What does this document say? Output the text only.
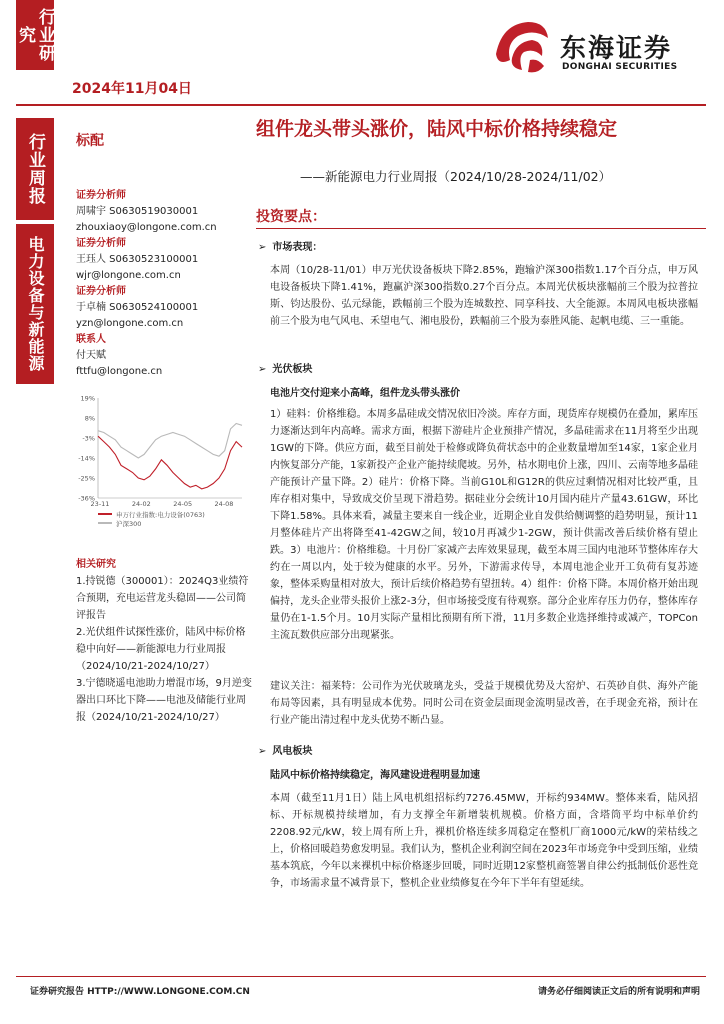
行业研究
2024年11月04日
东海证券
DONGHAI SECURITIES
行业周报
电力设备与新能源
标配
证券分析师
周啸宇 S0630519030001
zhouxiaoy@longone.com.cn
证券分析师
王珏人 S0630523100001
wjr@longone.com.cn
证券分析师
于卓楠 S0630524100001
yzn@longone.com.cn
联系人
付天赋
fttfu@longone.cn
19%
8%
-3%
-14%
-25%
-36%
23-11	24-02	24-05	24-08
申万行业指数:电力设备(0763)
沪深300
相关研究
1.持锐德（300001）：2024Q3业绩符合预期，充电运营龙头稳固——公司简评报告
2.光伏组件试探性涨价，陆风中标价格稳中向好——新能源电力行业周报（2024/10/21-2024/10/27）
3.宁德晓遥电池助力增混市场，9月逆变器出口环比下降——电池及储能行业周报（2024/10/21-2024/10/27）
组件龙头带头涨价，陆风中标价格持续稳定
——新能源电力行业周报（2024/10/28-2024/11/02）
投资要点：
➢ 市场表现：
本周（10/28-11/01）申万光伏设备板块下降2.85%，跑输沪深300指数1.17个百分点，申万风电设备板块下降1.41%，跑赢沪深300指数0.27个百分点。本周光伏板块涨幅前三个股为拉普拉斯、钧达股份、弘元绿能，跌幅前三个股为连城数控、同享科技、大全能源。本周风电板块涨幅前三个股为电气风电、禾望电气、湘电股份，跌幅前三个股为泰胜风能、起帆电缆、三一重能。
➢ 光伏板块
电池片交付迎来小高峰，组件龙头带头涨价
1）硅料：价格维稳。本周多晶硅成交情况依旧冷淡。库存方面，现货库存规模仍在叠加，累库压力逐渐达到年内高峰。需求方面，根据下游硅片企业预排产情况，多晶硅需求在11月将至少出现1GW的下降。供应方面，截至目前处于检修或降负荷状态中的企业数量增加至14家，1家企业月内恢复部分产能，1家新投产企业产能持续爬坡。另外，枯水期电价上涨，四川、云南等地多晶硅产能预计产量下降。2）硅片：价格下降。当前G10L和G12R的供应过剩情况相对比较严重，且库存相对集中，导致成交价呈现下滑趋势。据硅业分会统计10月国内硅片产量43.61GW，环比下降1.58%。具体来看，减量主要来自一线企业，近期企业自发供给侧调整的趋势明显，预计11月整体硅片产出将降至41-42GW之间，较10月再减少1-2GW，预计供需改善后续价格有望止跌。3）电池片：价格维稳。十月份厂家减产去库效果显现，截至本周三国内电池环节整体库存大约在一周以内，处于较为健康的水平。另外，下游需求传导，本周电池企业开工负荷有复苏迹象，整体采购量相对放大，预计后续价格趋势有望扭转。4）组件：价格下降。本周价格开始出现偏持，龙头企业带头报价上涨2-3分，但市场接受度有待观察。部分企业库存压力仍存，整体库存量仍在1-1.5个月。10月实际产量相比预期有所下滑，11月多数企业选择维持或减产，TOPCon主流瓦数供应部分出现紧张。
建议关注：福莱特：公司作为光伏玻璃龙头，受益于规模优势及大窑炉、石英砂自供、海外产能布局等因素，具有明显成本优势。同时公司在资金层面现金流明显改善，在手现金充裕，预计在行业产能出清过程中龙头优势不断凸显。
➢ 风电板块
陆风中标价格持续稳定，海风建设进程明显加速
本周（截至11月1日）陆上风电机组招标约7276.45MW，开标约934MW。整体来看，陆风招标、开标规模持续增加，有力支撑全年新增装机规模。价格方面，含塔筒平均中标单价约2208.92元/kW，较上周有所上升，裸机价格连续多周稳定在整机厂商1000元/kW的荣枯线之上，价格回暖趋势愈发明显。我们认为，整机企业利润空间在2023年市场竞争中受到压缩，业绩基本筑底，今年以来裸机中标价格逐步回暖，同时近期12家整机商签署自律公约抵制低价恶性竞争，市场需求量不减背景下，整机企业业绩修复在今年下半年有望延续。
证券研究报告 HTTP://WWW.LONGONE.COM.CN	请务必仔细阅读正文后的所有说明和声明
